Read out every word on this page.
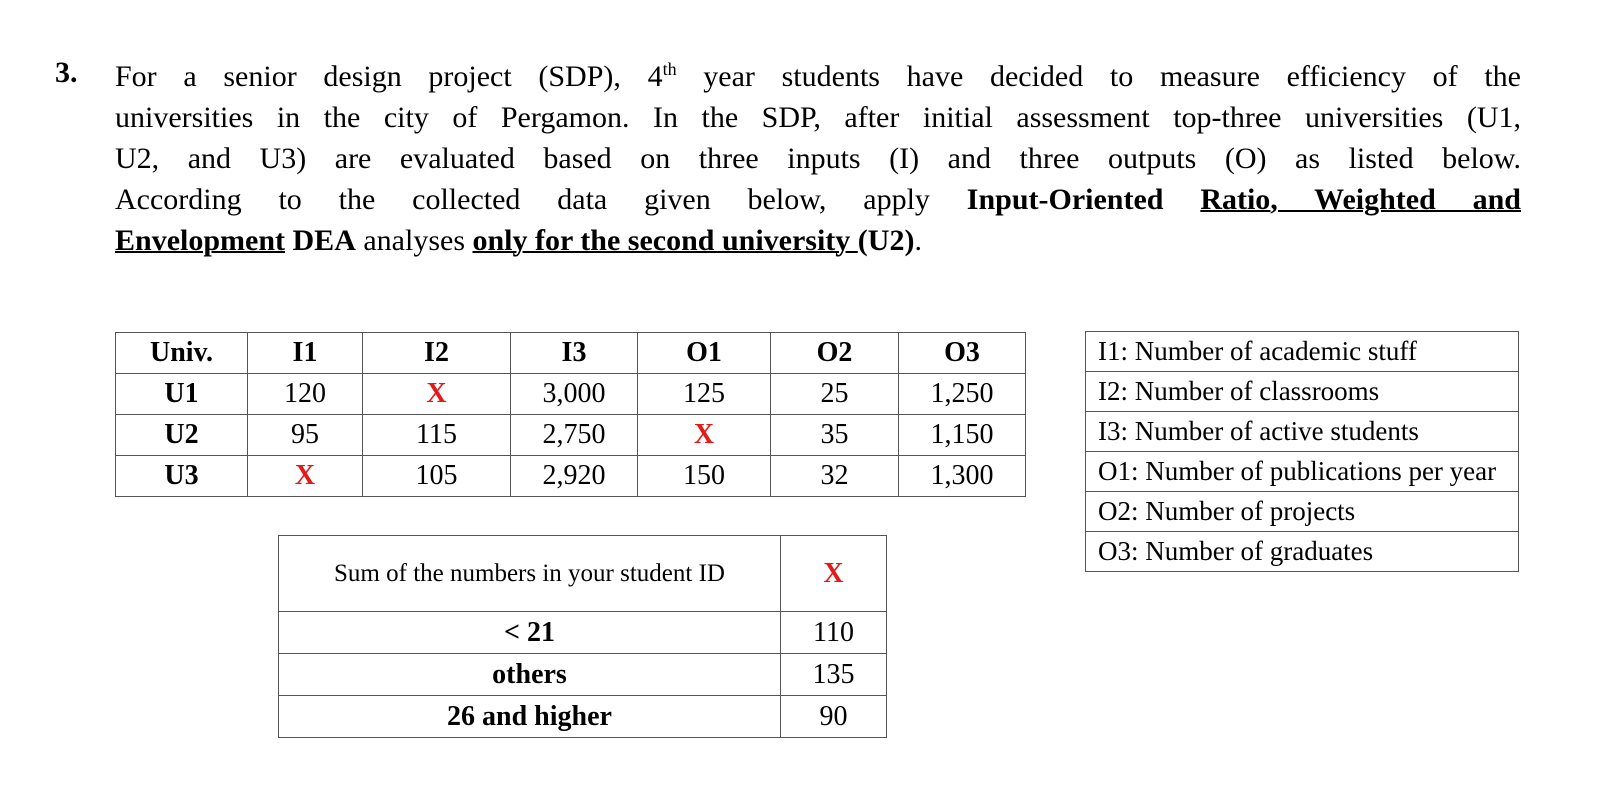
3. For a senior design project (SDP), 4th year students have decided to measure efficiency of the
universities in the city of Pergamon. In the SDP, after initial assessment top-three universities (U1,
U2, and U3) are evaluated based on three inputs (I) and three outputs (O) as listed below.
According to the collected data given below, apply Input-Oriented Ratio, Weighted and
Envelopment DEA analyses only for the second university (U2).
Univ.	I1	I2	I3	O1	O2	O3
U1	120	X	3,000	125	25	1,250
U2	95	115	2,750	X	35	1,150
U3	X	105	2,920	150	32	1,300
Sum of the numbers in your student ID	X
< 21	110
others	135
26 and higher	90
I1: Number of academic stuff
I2: Number of classrooms
I3: Number of active students
O1: Number of publications per year
O2: Number of projects
O3: Number of graduates
